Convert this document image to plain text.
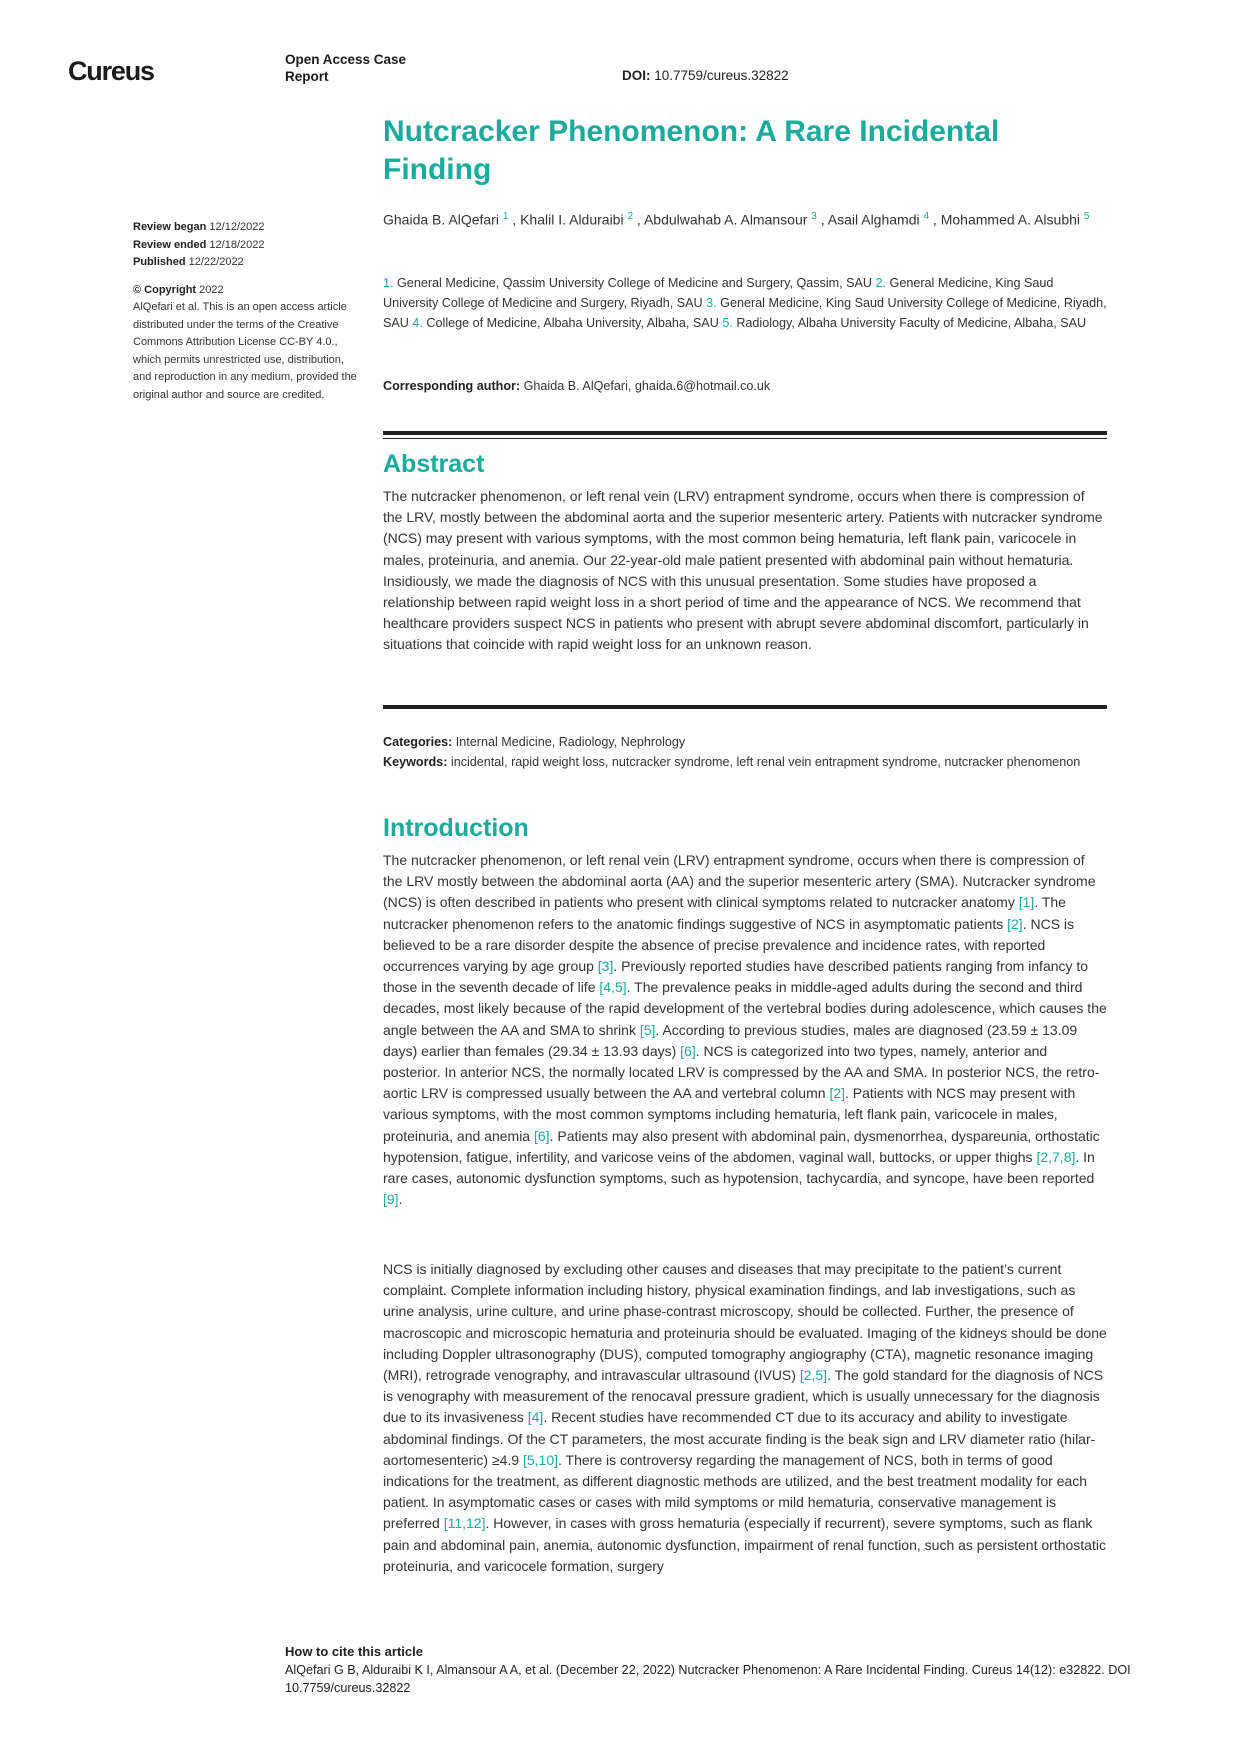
Cureus	Open Access Case Report	DOI: 10.7759/cureus.32822
Nutcracker Phenomenon: A Rare Incidental Finding
Review began 12/12/2022
Review ended 12/18/2022
Published 12/22/2022
© Copyright 2022
AlQefari et al. This is an open access article distributed under the terms of the Creative Commons Attribution License CC-BY 4.0., which permits unrestricted use, distribution, and reproduction in any medium, provided the original author and source are credited.
Ghaida B. AlQefari $^1$ , Khalil I. Alduraibi $^2$ , Abdulwahab A. Almansour $^3$ , Asail Alghamdi $^4$ , Mohammed A. Alsubhi $^5$
1. General Medicine, Qassim University College of Medicine and Surgery, Qassim, SAU 2. General Medicine, King Saud University College of Medicine and Surgery, Riyadh, SAU 3. General Medicine, King Saud University College of Medicine, Riyadh, SAU 4. College of Medicine, Albaha University, Albaha, SAU 5. Radiology, Albaha University Faculty of Medicine, Albaha, SAU
Corresponding author: Ghaida B. AlQefari, ghaida.6@hotmail.co.uk
Abstract

The nutcracker phenomenon, or left renal vein (LRV) entrapment syndrome, occurs when there is compression of the LRV, mostly between the abdominal aorta and the superior mesenteric artery. Patients with nutcracker syndrome (NCS) may present with various symptoms, with the most common being hematuria, left flank pain, varicocele in males, proteinuria, and anemia. Our 22-year-old male patient presented with abdominal pain without hematuria. Insidiously, we made the diagnosis of NCS with this unusual presentation. Some studies have proposed a relationship between rapid weight loss in a short period of time and the appearance of NCS. We recommend that healthcare providers suspect NCS in patients who present with abrupt severe abdominal discomfort, particularly in situations that coincide with rapid weight loss for an unknown reason.

Categories: Internal Medicine, Radiology, Nephrology
Keywords: incidental, rapid weight loss, nutcracker syndrome, left renal vein entrapment syndrome, nutcracker phenomenon
Introduction

The nutcracker phenomenon, or left renal vein (LRV) entrapment syndrome, occurs when there is compression of the LRV mostly between the abdominal aorta (AA) and the superior mesenteric artery (SMA). Nutcracker syndrome (NCS) is often described in patients who present with clinical symptoms related to nutcracker anatomy [1]. The nutcracker phenomenon refers to the anatomic findings suggestive of NCS in asymptomatic patients [2]. NCS is believed to be a rare disorder despite the absence of precise prevalence and incidence rates, with reported occurrences varying by age group [3]. Previously reported studies have described patients ranging from infancy to those in the seventh decade of life [4,5]. The prevalence peaks in middle-aged adults during the second and third decades, most likely because of the rapid development of the vertebral bodies during adolescence, which causes the angle between the AA and SMA to shrink [5]. According to previous studies, males are diagnosed (23.59 ± 13.09 days) earlier than females (29.34 ± 13.93 days) [6]. NCS is categorized into two types, namely, anterior and posterior. In anterior NCS, the normally located LRV is compressed by the AA and SMA. In posterior NCS, the retro-aortic LRV is compressed usually between the AA and vertebral column [2]. Patients with NCS may present with various symptoms, with the most common symptoms including hematuria, left flank pain, varicocele in males, proteinuria, and anemia [6]. Patients may also present with abdominal pain, dysmenorrhea, dyspareunia, orthostatic hypotension, fatigue, infertility, and varicose veins of the abdomen, vaginal wall, buttocks, or upper thighs [2,7,8]. In rare cases, autonomic dysfunction symptoms, such as hypotension, tachycardia, and syncope, have been reported [9].

NCS is initially diagnosed by excluding other causes and diseases that may precipitate to the patient’s current complaint. Complete information including history, physical examination findings, and lab investigations, such as urine analysis, urine culture, and urine phase-contrast microscopy, should be collected. Further, the presence of macroscopic and microscopic hematuria and proteinuria should be evaluated. Imaging of the kidneys should be done including Doppler ultrasonography (DUS), computed tomography angiography (CTA), magnetic resonance imaging (MRI), retrograde venography, and intravascular ultrasound (IVUS) [2,5]. The gold standard for the diagnosis of NCS is venography with measurement of the renocaval pressure gradient, which is usually unnecessary for the diagnosis due to its invasiveness [4]. Recent studies have recommended CT due to its accuracy and ability to investigate abdominal findings. Of the CT parameters, the most accurate finding is the beak sign and LRV diameter ratio (hilar-aortomesenteric) ≥4.9 [5,10]. There is controversy regarding the management of NCS, both in terms of good indications for the treatment, as different diagnostic methods are utilized, and the best treatment modality for each patient. In asymptomatic cases or cases with mild symptoms or mild hematuria, conservative management is preferred [11,12]. However, in cases with gross hematuria (especially if recurrent), severe symptoms, such as flank pain and abdominal pain, anemia, autonomic dysfunction, impairment of renal function, such as persistent orthostatic proteinuria, and varicocele formation, surgery

How to cite this article
AlQefari G B, Alduraibi K I, Almansour A A, et al. (December 22, 2022) Nutcracker Phenomenon: A Rare Incidental Finding. Cureus 14(12): e32822. DOI 10.7759/cureus.32822
